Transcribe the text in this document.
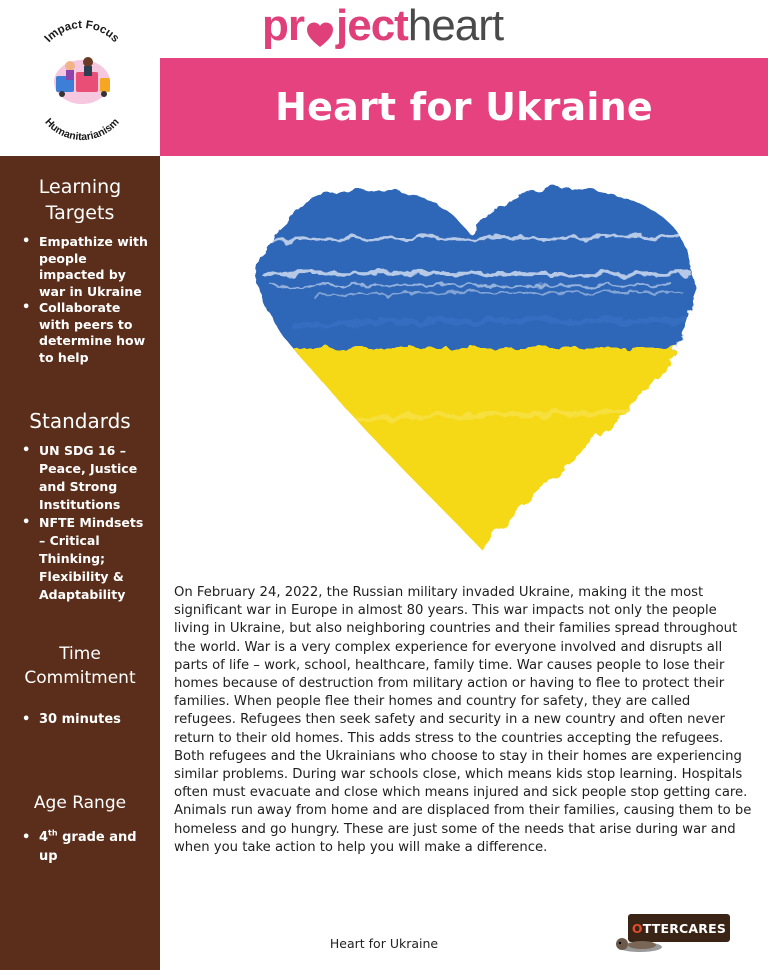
pr ject heart
Impact Focus
Humanitarianism	Heart for Ukraine
Learning Targets
• Empathize with people impacted by war in Ukraine
• Collaborate with peers to determine how to help
Standards
• UN SDG 16 – Peace, Justice and Strong Institutions
• NFTE Mindsets – Critical Thinking; Flexibility & Adaptability
Time Commitment
• 30 minutes
Age Range
• 4th grade and up

On February 24, 2022, the Russian military invaded Ukraine, making it the most significant war in Europe in almost 80 years. This war impacts not only the people living in Ukraine, but also neighboring countries and their families spread throughout the world. War is a very complex experience for everyone involved and disrupts all parts of life – work, school, healthcare, family time. War causes people to lose their homes because of destruction from military action or having to flee to protect their families. When people flee their homes and country for safety, they are called refugees. Refugees then seek safety and security in a new country and often never return to their old homes. This adds stress to the countries accepting the refugees. Both refugees and the Ukrainians who choose to stay in their homes are experiencing similar problems. During war schools close, which means kids stop learning. Hospitals often must evacuate and close which means injured and sick people stop getting care. Animals run away from home and are displaced from their families, causing them to be homeless and go hungry. These are just some of the needs that arise during war and when you take action to help you will make a difference.

Heart for Ukraine
O TTERCARES
